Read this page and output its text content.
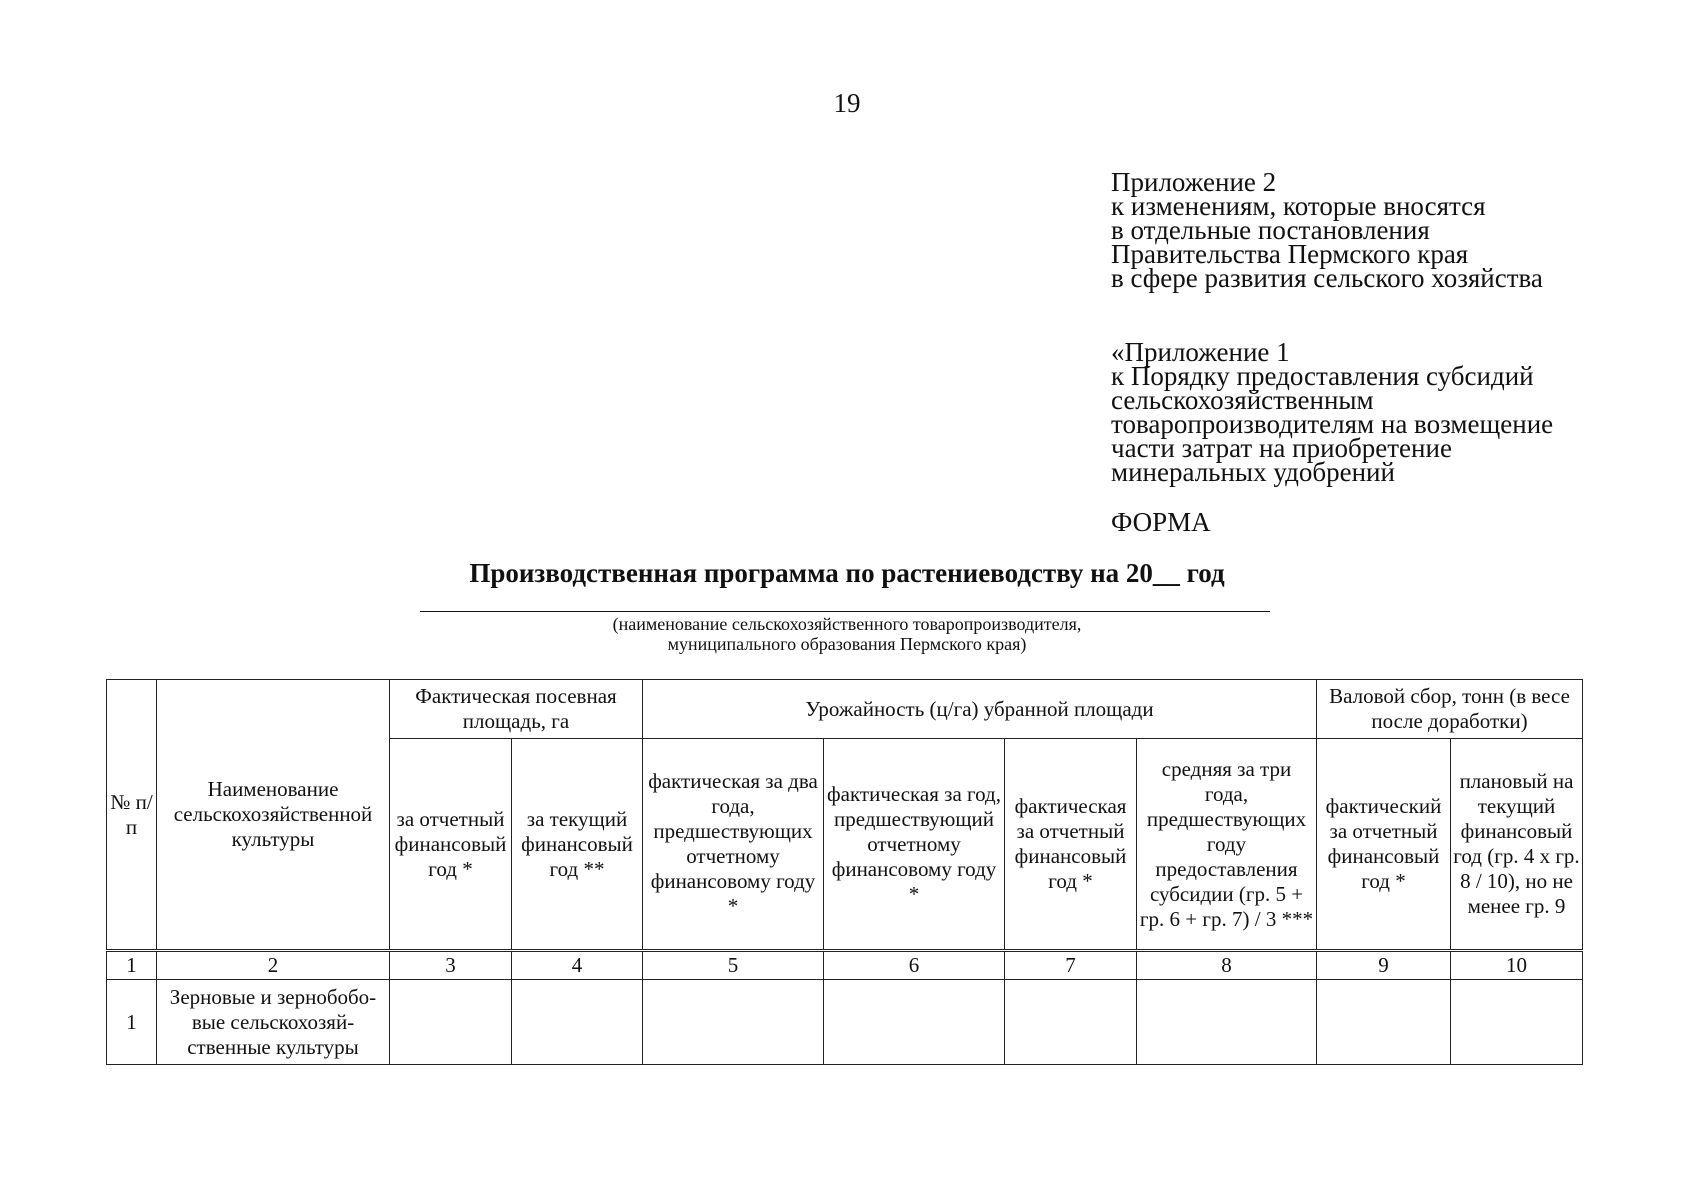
19
Приложение 2
к изменениям, которые вносятся
в отдельные постановления
Правительства Пермского края
в сфере развития сельского хозяйства
«Приложение 1
к Порядку предоставления субсидий
сельскохозяйственным
товаропроизводителям на возмещение
части затрат на приобретение
минеральных удобрений
ФОРМА
Производственная программа по растениеводству на 20__ год
(наименование сельскохозяйственного товаропроизводителя,
муниципального образования Пермского края)
№ п/п	Наименование сельскохозяйственной культуры	Фактическая посевная площадь, га		Урожайность (ц/га) убранной площади				Валовой сбор, тонн (в весе после доработки)	
		за отчетный финансовый год *	за текущий финансовый год **	фактическая за два года, предшествующих отчетному финансовому году *	фактическая за год, предшествующий отчетному финансовому году *	фактическая за отчетный финансовый год *	средняя за три года, предшествующих году предоставления субсидии (гр. 5 + гр. 6 + гр. 7) / 3 ***	фактический за отчетный финансовый год *	плановый на текущий финансовый год (гр. 4 х гр. 8 / 10), но не менее гр. 9
1	2	3	4	5	6	7	8	9	10
1	Зерновые и зернобобо-вые сельскохозяй-ственные культуры								
